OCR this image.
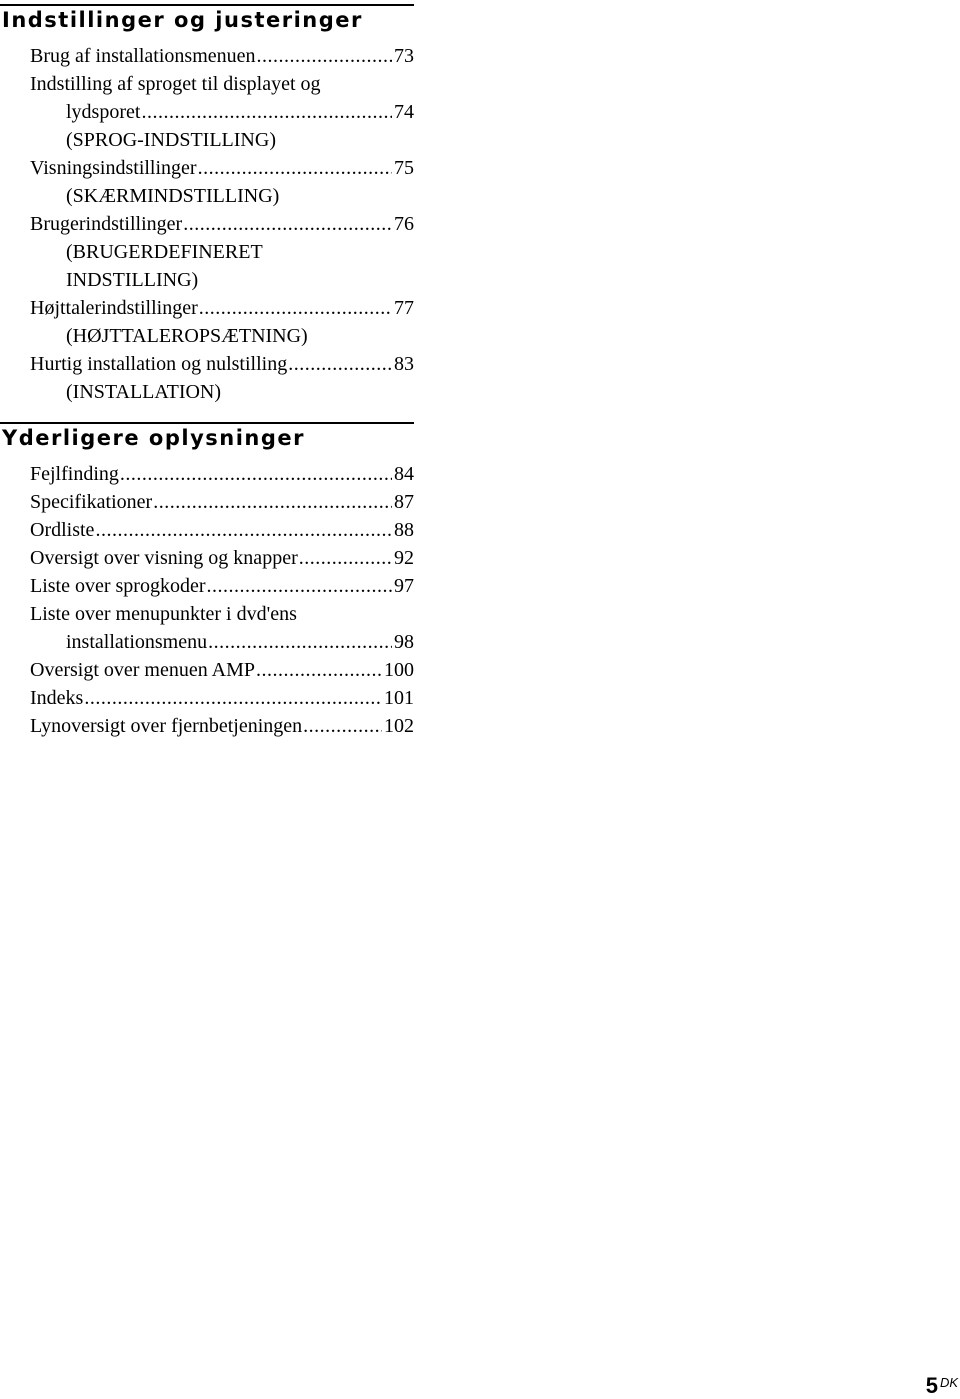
Indstillinger og justeringer
Brug af installationsmenuen .....	73
Indstilling af sproget til displayet og
lydsporet .....	74
(SPROG-INDSTILLING)
Visningsindstillinger .....	75
(SKÆRMINDSTILLING)
Brugerindstillinger .....	76
(BRUGERDEFINERET
INDSTILLING)
Højttalerindstillinger .....	77
(HØJTTALEROPSÆTNING)
Hurtig installation og nulstilling .....	83
(INSTALLATION)
Yderligere oplysninger
Fejlfinding .....	84
Specifikationer .....	87
Ordliste .....	88
Oversigt over visning og knapper .....	92
Liste over sprogkoder .....	97
Liste over menupunkter i dvd'ens
installationsmenu .....	98
Oversigt over menuen AMP .....	100
Indeks .....	101
Lynoversigt over fjernbetjeningen .....	102
5 $^{DK}$
